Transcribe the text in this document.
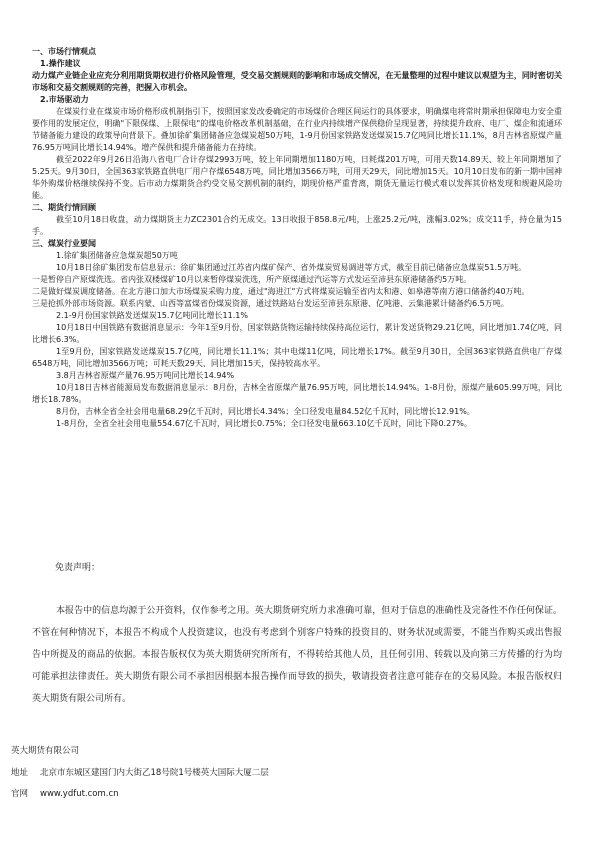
一、市场行情观点

1.操作建议

动力煤产业链企业应充分利用期货期权进行价格风险管理，受交易交割规则的影响和市场成交情况，在无量整理的过程中建议以观望为主，同时密切关市场和交易交割规则的完善，把握入市机会。

2.市场驱动力

在煤炭行业在煤炭市场价格形成机制指引下，按照国家发改委确定的市场煤价合理区间运行的具体要求，明确煤电将常时期承担保障电力安全重要作用的发展定位，明确"下限保煤、上限保电"的煤电价格改革机制基础，在行业内持续增产保供稳价呈现显著，持续提升政府、电厂、煤企和流通环节储备能力建设的政策导向背景下。叠加徐矿集团储备应急煤炭超50万吨，1-9月份国家铁路发送煤炭15.7亿吨同比增长11.1%，8月吉林省原煤产量76.95万吨同比增长14.94%。增产保供和提升储备能力在持续。

截至2022年9月26日沿海八省电厂合计存煤2993万吨，较上年同期增加1180万吨，日耗煤201万吨，可用天数14.89天、较上年同期增加了5.25天。9月30日，全国363家铁路直供电厂用户存煤6548万吨，同比增加3566万吨，可用天29天，同比增加15天。10月10日发布的新一期中国神华外购煤价格继续保持不变。后市动力煤期货合约受交易交割机制的制约，期现价格严重背离，期货无量运行模式难以发挥其价格发现和规避风险功能。

二、期货行情回顾

截至10月18日收盘，动力煤期货主力ZC2301合约无成交。13日收报于858.8元/吨，上涨25.2元/吨，涨幅3.02%；成交11手，持仓量为15手。

三、煤炭行业要闻

1.徐矿集团储备应急煤炭超50万吨

10月18日徐矿集团发布信息显示：徐矿集团通过江苏省内煤矿保产、省外煤炭贸易调进等方式，截至目前已储备应急煤炭51.5万吨。

一是暂停自产原煤洗选。省内张双楼煤矿10月以来暂停煤炭洗选，所产原煤通过汽运等方式发运至沛县东原港储备约5万吨。

二是做好煤炭调度储备。在北方港口加大市场煤炭采购力度，通过"海进江"方式将煤炭运输至省内太和港、如皋港等南方港口储备约40万吨。

三是抢抓外部市场资源。联系内蒙、山西等富煤省份煤炭资源，通过铁路站台发运至沛县东原港、亿吨港、云集港累计储备约6.5万吨。

2.1-9月份国家铁路发送煤炭15.7亿吨同比增长11.1%

10月18日中国铁路有数据消息显示：今年1至9月份，国家铁路货物运输持续保持高位运行，累计发送货物29.21亿吨，同比增加1.74亿吨，同比增长6.3%。

1至9月份，国家铁路发送煤炭15.7亿吨，同比增长11.1%；其中电煤11亿吨，同比增长17%。截至9月30日，全国363家铁路直供电厂存煤6548万吨，同比增加3566万吨；可耗天数29天、同比增加15天，保持较高水平。

3.8月吉林省原煤产量76.95万吨同比增长14.94%

10月18日吉林省能源局发布数据消息显示：8月份，吉林全省原煤产量76.95万吨，同比增长14.94%。1-8月份，原煤产量605.99万吨，同比增长18.78%。

8月份，吉林全省全社会用电量68.29亿千瓦时，同比增长4.34%；全口径发电量84.52亿千瓦时，同比增长12.91%。

1-8月份，全省全社会用电量554.67亿千瓦时，同比增长0.75%；全口径发电量663.10亿千瓦时，同比下降0.27%。

免责声明：

本报告中的信息均源于公开资料，仅作参考之用。英大期货研究所力求准确可靠，但对于信息的准确性及完备性不作任何保证。不管在何种情况下，本报告不构成个人投资建议，也没有考虑到个别客户特殊的投资目的、财务状况或需要，不能当作购买或出售报告中所提及的商品的依据。本报告版权仅为英大期货研究所所有，不得转给其他人员，且任何引用、转载以及向第三方传播的行为均可能承担法律责任。英大期货有限公司不承担因根据本报告操作而导致的损失，敬请投资者注意可能存在的交易风险。本报告版权归英大期货有限公司所有。

英大期货有限公司
地址 北京市东城区建国门内大街乙18号院1号楼英大国际大厦二层
官网 www.ydfut.com.cn
